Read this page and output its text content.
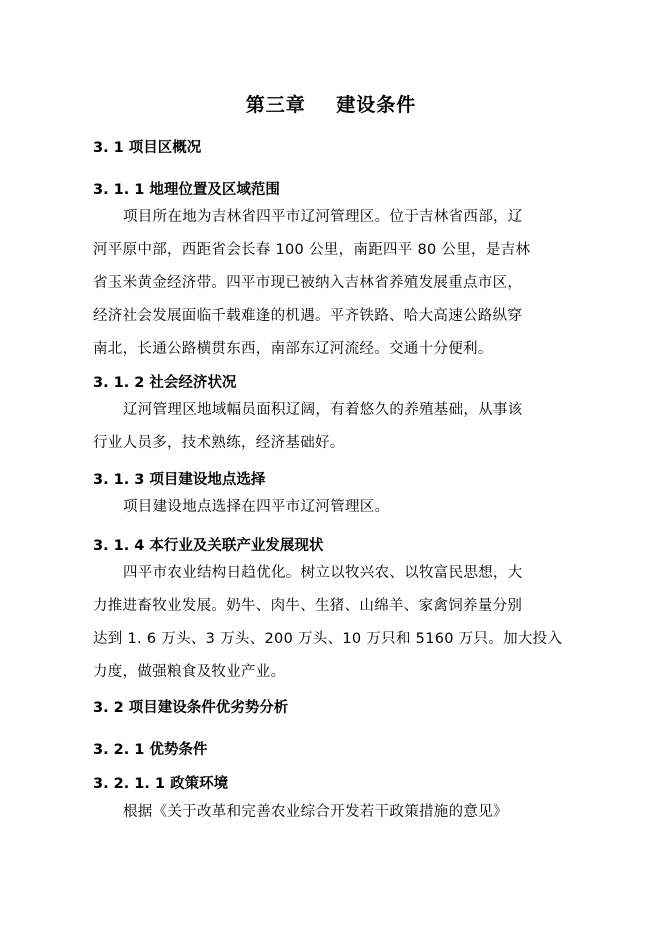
第三章    建设条件
3. 1 项目区概况
3. 1. 1 地理位置及区域范围
项目所在地为吉林省四平市辽河管理区。位于吉林省西部，辽
河平原中部，西距省会长春 100 公里，南距四平 80 公里，是吉林
省玉米黄金经济带。四平市现已被纳入吉林省养殖发展重点市区，
经济社会发展面临千载难逢的机遇。平齐铁路、哈大高速公路纵穿
南北，长通公路横贯东西，南部东辽河流经。交通十分便利。
3. 1. 2 社会经济状况
辽河管理区地域幅员面积辽阔，有着悠久的养殖基础，从事该
行业人员多，技术熟练，经济基础好。
3. 1. 3 项目建设地点选择
项目建设地点选择在四平市辽河管理区。
3. 1. 4 本行业及关联产业发展现状
四平市农业结构日趋优化。树立以牧兴农、以牧富民思想，大
力推进畜牧业发展。奶牛、肉牛、生猪、山绵羊、家禽饲养量分别
达到 1. 6 万头、3 万头、200 万头、10 万只和 5160 万只。加大投入
力度，做强粮食及牧业产业。
3. 2 项目建设条件优劣势分析
3. 2. 1 优势条件
3. 2. 1. 1 政策环境
根据《关于改革和完善农业综合开发若干政策措施的意见》
